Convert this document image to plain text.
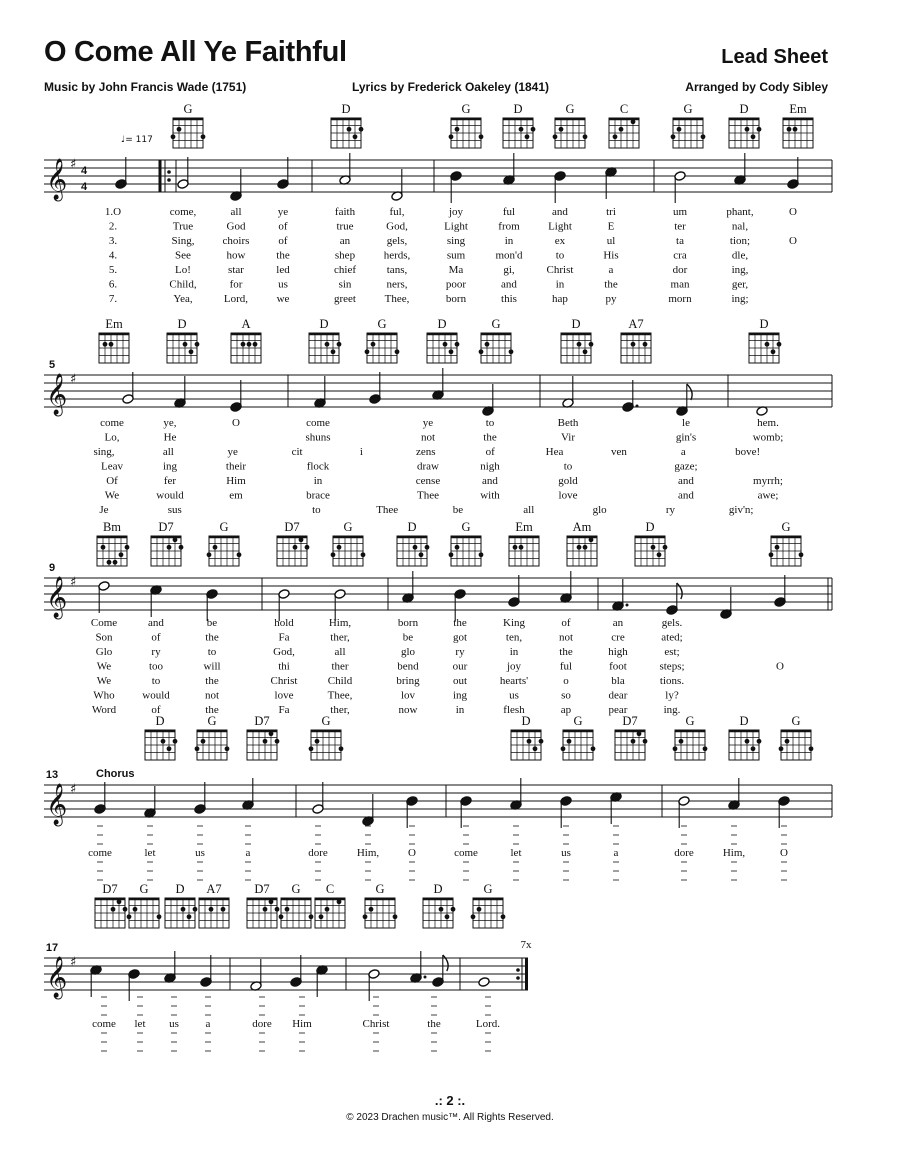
O Come All Ye Faithful	Lead Sheet
Music by John Francis Wade (1751)	Lyrics by Frederick Oakeley (1841)	Arranged by Cody Sibley
𝄞 ♯ 4
4
♩= 117
G	D	G	D	G	C	G	D	Em
1.O	come,	all	ye	faith	ful,	joy	ful	and	tri	um	phant,	O
2.	True	God	of	true	God,	Light	from	Light	E	ter	nal,
3.	Sing,	choirs	of	an	gels,	sing	in	ex	ul	ta	tion;	O
4.	See	how	the	shep	herds,	sum	mon'd	to	His	cra	dle,
5.	Lo!	star	led	chief	tans,	Ma	gi,	Christ	a	dor	ing,
6.	Child,	for	us	sin	ners,	poor	and	in	the	man	ger,
7.	Yea,	Lord,	we	greet	Thee,	born	this	hap	py	morn	ing;
𝄞 ♯
5
Em	D	A	D	G	D	G	D	A7	D
come	ye,	O	come	ye	to	Beth	le	hem.
Lo,	He	shuns	not	the	Vir	gin's	womb;
sing,	all	ye	cit	i	zens	of	Hea	ven	a	bove!
Leav	ing	their	flock	draw	nigh	to	gaze;
Of	fer	Him	in	cense	and	gold	and	myrrh;
We	would	em	brace	Thee	with	love	and	awe;
Je	sus	to	Thee	be	all	glo	ry	giv'n;
𝄞 ♯
9
Bm	D7	G	D7	G	D	G	Em	Am	D	G
Come	and	be	hold	Him,	born	the	King	of	an	gels.
Son	of	the	Fa	ther,	be	got	ten,	not	cre	ated;
Glo	ry	to	God,	all	glo	ry	in	the	high	est;
We	too	will	thi	ther	bend	our	joy	ful	foot	steps;	O
We	to	the	Christ	Child	bring	out	hearts'	o	bla	tions.
Who	would	not	love	Thee,	lov	ing	us	so	dear	ly?
Word	of	the	Fa	ther,	now	in	flesh	ap	pear	ing.
𝄞 ♯
13	Chorus
D	G	D7	G	D	G	D7	G	D	G
come	let	us	a	dore	Him,	O	come	let	us	a	dore	Him,	O
𝄞 ♯
17	7x
D7 G D A7	D7 G C	G	D	G
come let us a	dore Him	Christ	the	Lord.
.: 2 :.
© 2023 Drachen music™. All Rights Reserved.
